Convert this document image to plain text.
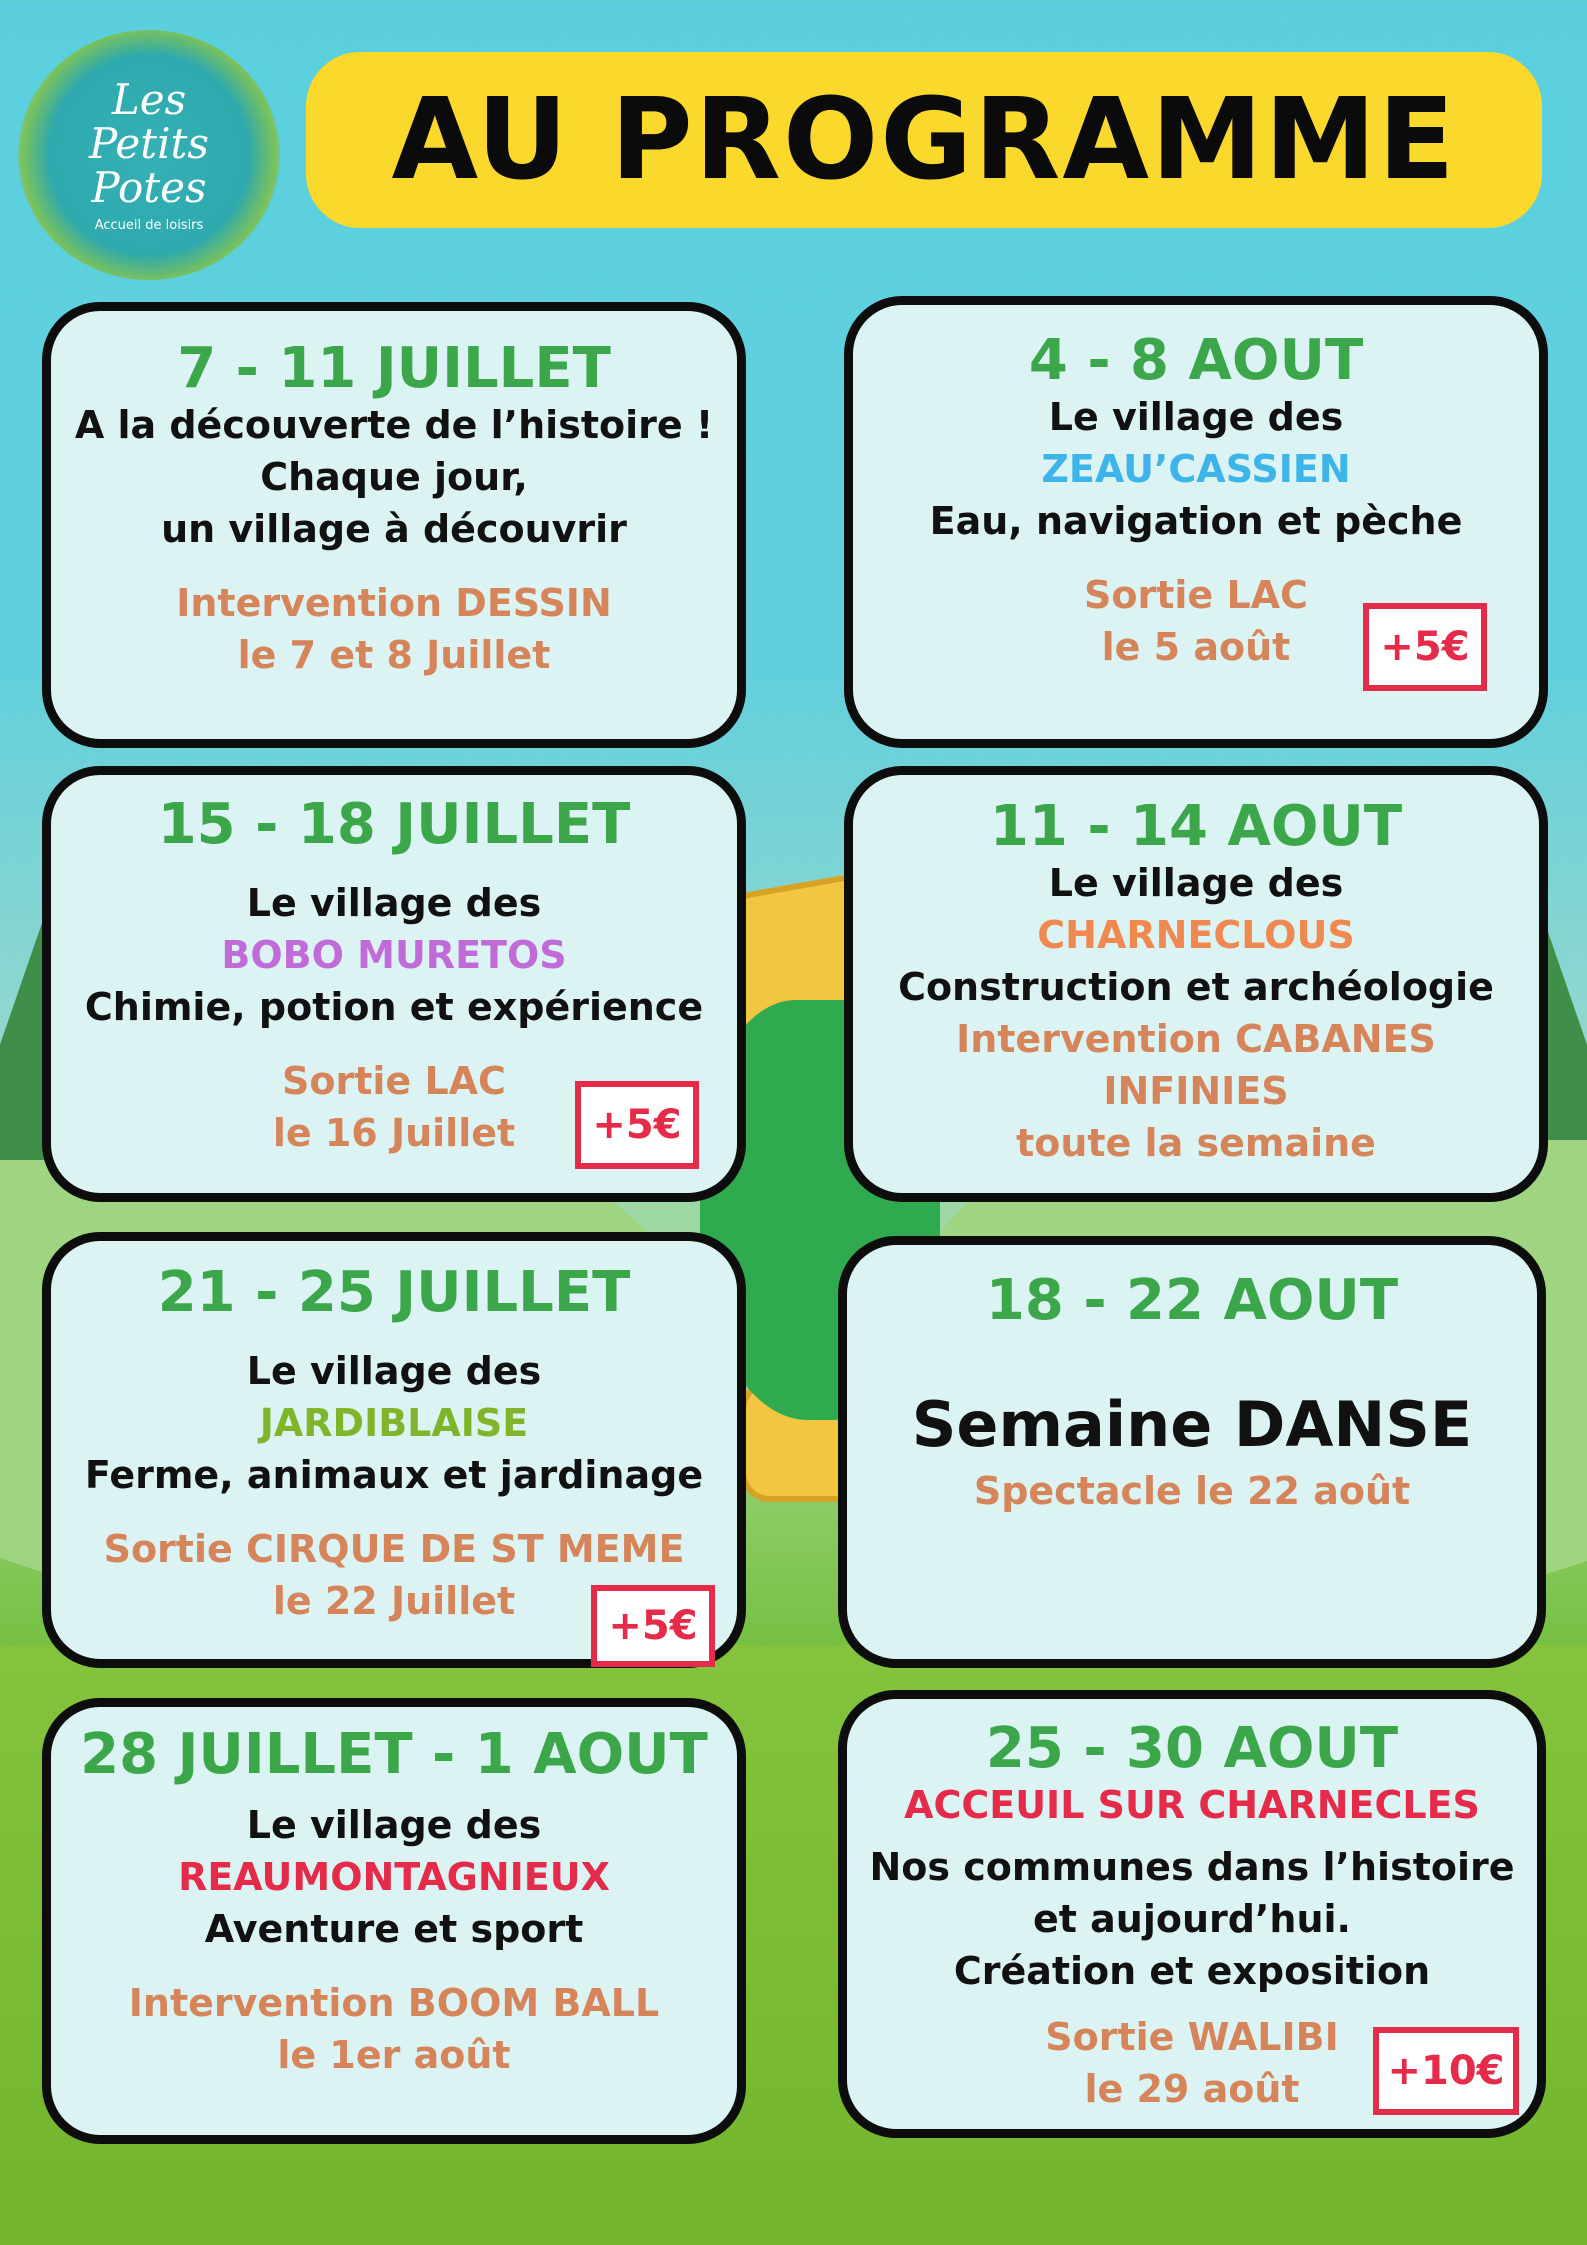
Les
Petits
Potes
Accueil de loisirs
AU PROGRAMME
7 - 11 JUILLET
A la découverte de l’histoire !
Chaque jour,
un village à découvrir
Intervention DESSIN
le 7 et 8 Juillet
4 - 8 AOUT
Le village des
ZEAU’CASSIEN
Eau, navigation et pèche
Sortie LAC
le 5 août	+5€
15 - 18 JUILLET
Le village des
BOBO MURETOS
Chimie, potion et expérience
Sortie LAC
le 16 Juillet	+5€
11 - 14 AOUT
Le village des
CHARNECLOUS
Construction et archéologie
Intervention CABANES
INFINIES
toute la semaine
21 - 25 JUILLET
Le village des
JARDIBLAISE
Ferme, animaux et jardinage
Sortie CIRQUE DE ST MEME
le 22 Juillet
+5€
18 - 22 AOUT
Semaine DANSE
Spectacle le 22 août
28 JUILLET - 1 AOUT
Le village des
REAUMONTAGNIEUX
Aventure et sport
Intervention BOOM BALL
le 1er août
25 - 30 AOUT
ACCEUIL SUR CHARNECLES
Nos communes dans l’histoire
et aujourd’hui.
Création et exposition
Sortie WALIBI
le 29 août	+10€
